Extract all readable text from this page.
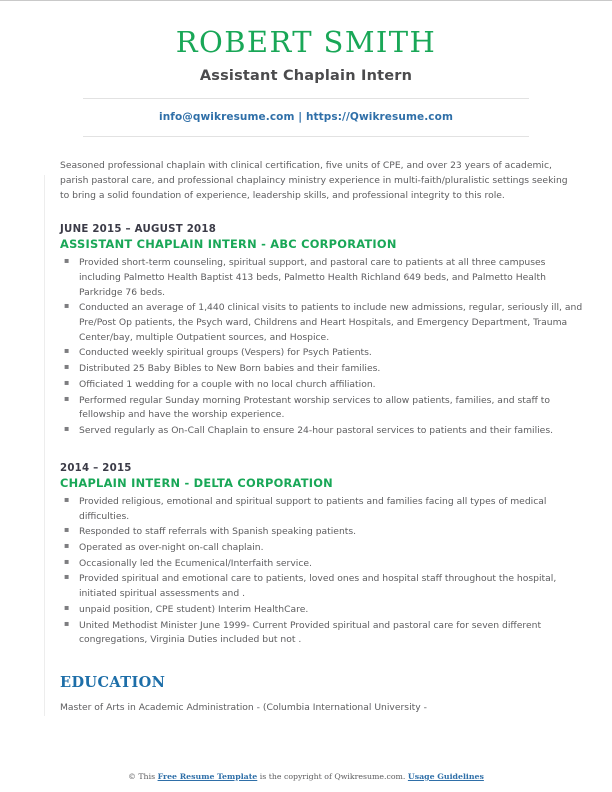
ROBERT SMITH
Assistant Chaplain Intern
info@qwikresume.com | https://Qwikresume.com

Seasoned professional chaplain with clinical certification, five units of CPE, and over 23 years of academic, parish pastoral care, and professional chaplaincy ministry experience in multi-faith/pluralistic settings seeking to bring a solid foundation of experience, leadership skills, and professional integrity to this role.

JUNE 2015 – AUGUST 2018
ASSISTANT CHAPLAIN INTERN - ABC CORPORATION
▪ Provided short-term counseling, spiritual support, and pastoral care to patients at all three campuses including Palmetto Health Baptist 413 beds, Palmetto Health Richland 649 beds, and Palmetto Health Parkridge 76 beds.
▪ Conducted an average of 1,440 clinical visits to patients to include new admissions, regular, seriously ill, and Pre/Post Op patients, the Psych ward, Childrens and Heart Hospitals, and Emergency Department, Trauma Center/bay, multiple Outpatient sources, and Hospice.
▪ Conducted weekly spiritual groups (Vespers) for Psych Patients.
▪ Distributed 25 Baby Bibles to New Born babies and their families.
▪ Officiated 1 wedding for a couple with no local church affiliation.
▪ Performed regular Sunday morning Protestant worship services to allow patients, families, and staff to fellowship and have the worship experience.
▪ Served regularly as On-Call Chaplain to ensure 24-hour pastoral services to patients and their families.
2014 – 2015
CHAPLAIN INTERN - DELTA CORPORATION
▪ Provided religious, emotional and spiritual support to patients and families facing all types of medical difficulties.
▪ Responded to staff referrals with Spanish speaking patients.
▪ Operated as over-night on-call chaplain.
▪ Occasionally led the Ecumenical/Interfaith service.
▪ Provided spiritual and emotional care to patients, loved ones and hospital staff throughout the hospital, initiated spiritual assessments and .
▪ unpaid position, CPE student) Interim HealthCare.
▪ United Methodist Minister June 1999- Current Provided spiritual and pastoral care for seven different congregations, Virginia Duties included but not .
EDUCATION

Master of Arts in Academic Administration - (Columbia International University -

© This Free Resume Template is the copyright of Qwikresume.com. Usage Guidelines
